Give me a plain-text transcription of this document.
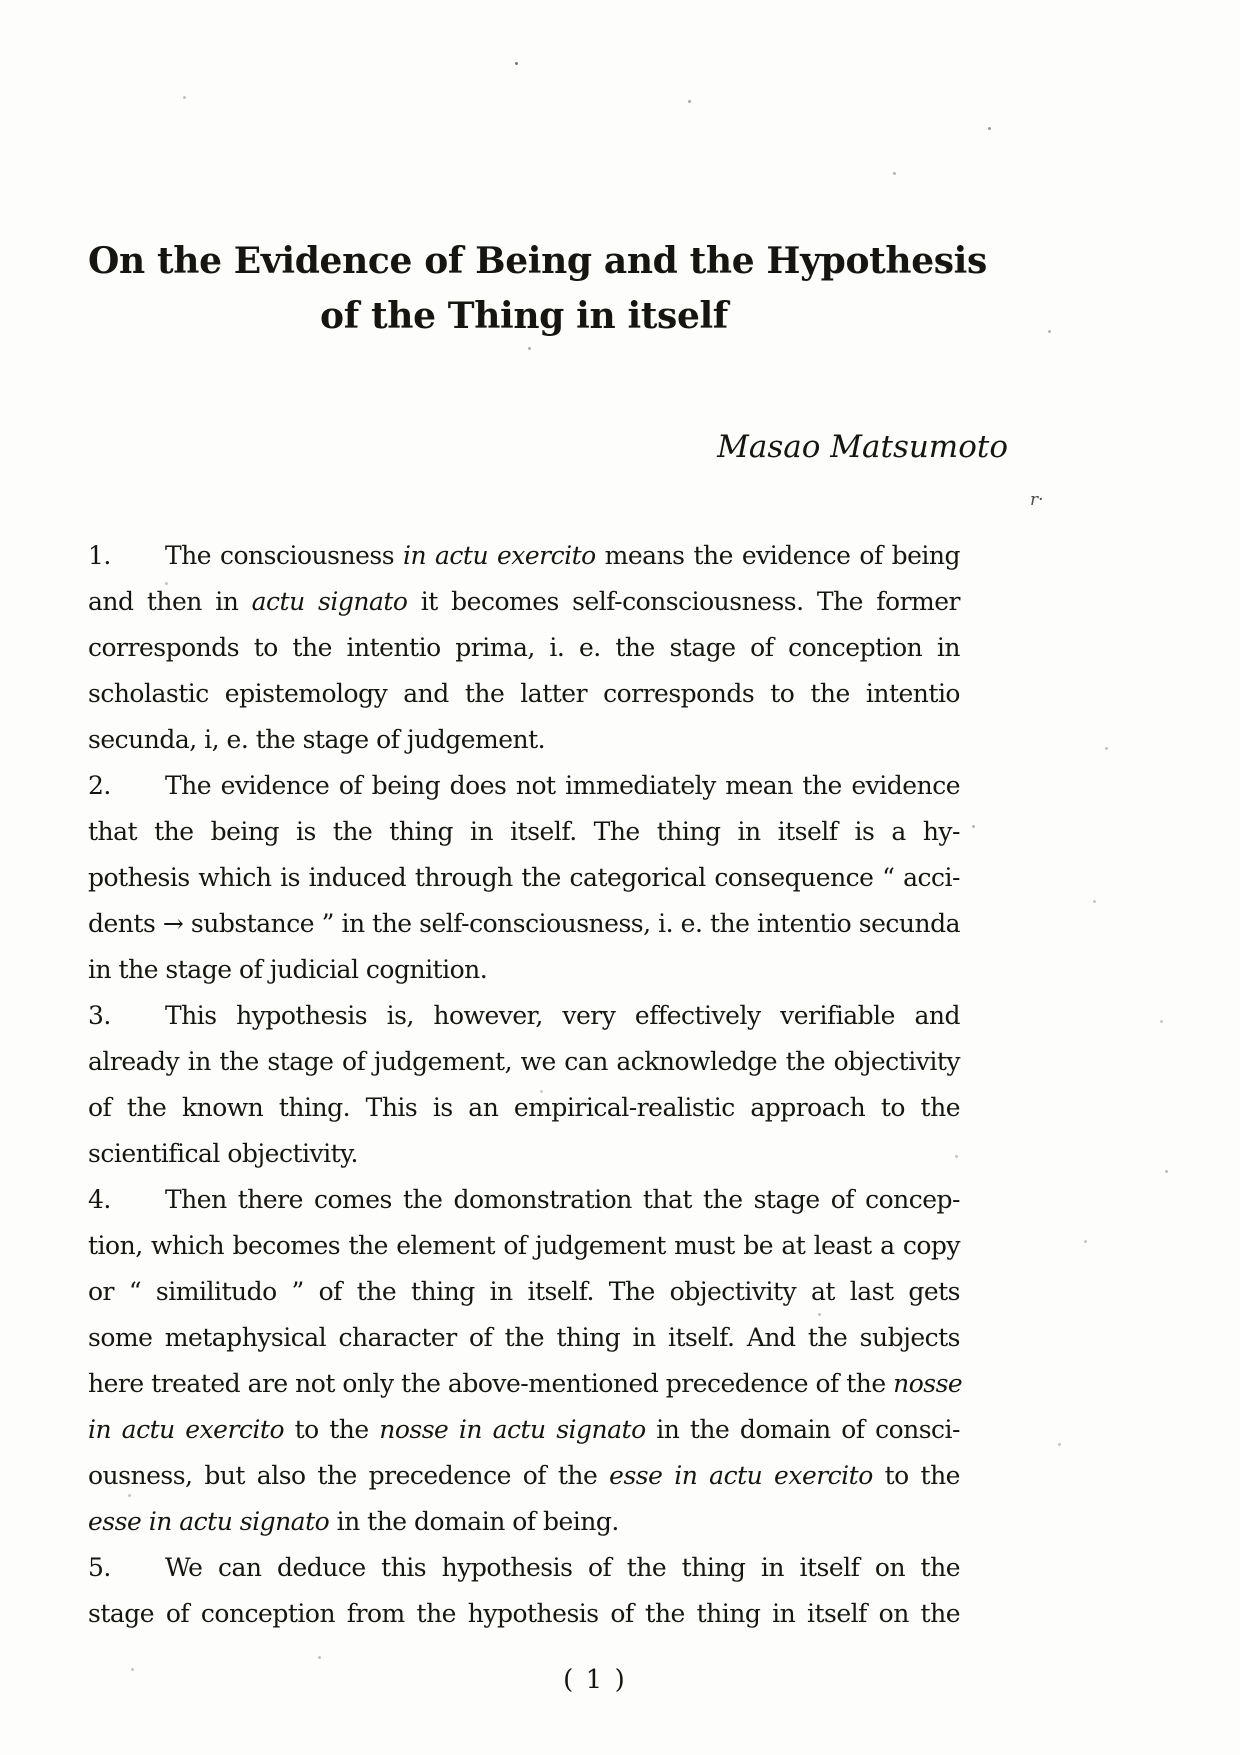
On the Evidence of Being and the Hypothesis
of the Thing in itself
Masao Matsumoto
r·
1. The consciousness in actu exercito means the evidence of being
and then in actu signato it becomes self-consciousness. The former
corresponds to the intentio prima, i. e. the stage of conception in
scholastic epistemology and the latter corresponds to the intentio
secunda, i, e. the stage of judgement.
2. The evidence of being does not immediately mean the evidence
that the being is the thing in itself. The thing in itself is a hy-
pothesis which is induced through the categorical consequence “ acci-
dents → substance ” in the self-consciousness, i. e. the intentio secunda
in the stage of judicial cognition.
3. This hypothesis is, however, very effectively verifiable and
already in the stage of judgement, we can acknowledge the objectivity
of the known thing. This is an empirical-realistic approach to the
scientifical objectivity.
4. Then there comes the domonstration that the stage of concep-
tion, which becomes the element of judgement must be at least a copy
or “ similitudo ” of the thing in itself. The objectivity at last gets
some metaphysical character of the thing in itself. And the subjects
here treated are not only the above-mentioned precedence of the nosse
in actu exercito to the nosse in actu signato in the domain of consci-
ousness, but also the precedence of the esse in actu exercito to the
esse in actu signato in the domain of being.
5. We can deduce this hypothesis of the thing in itself on the
stage of conception from the hypothesis of the thing in itself on the
( 1 )
